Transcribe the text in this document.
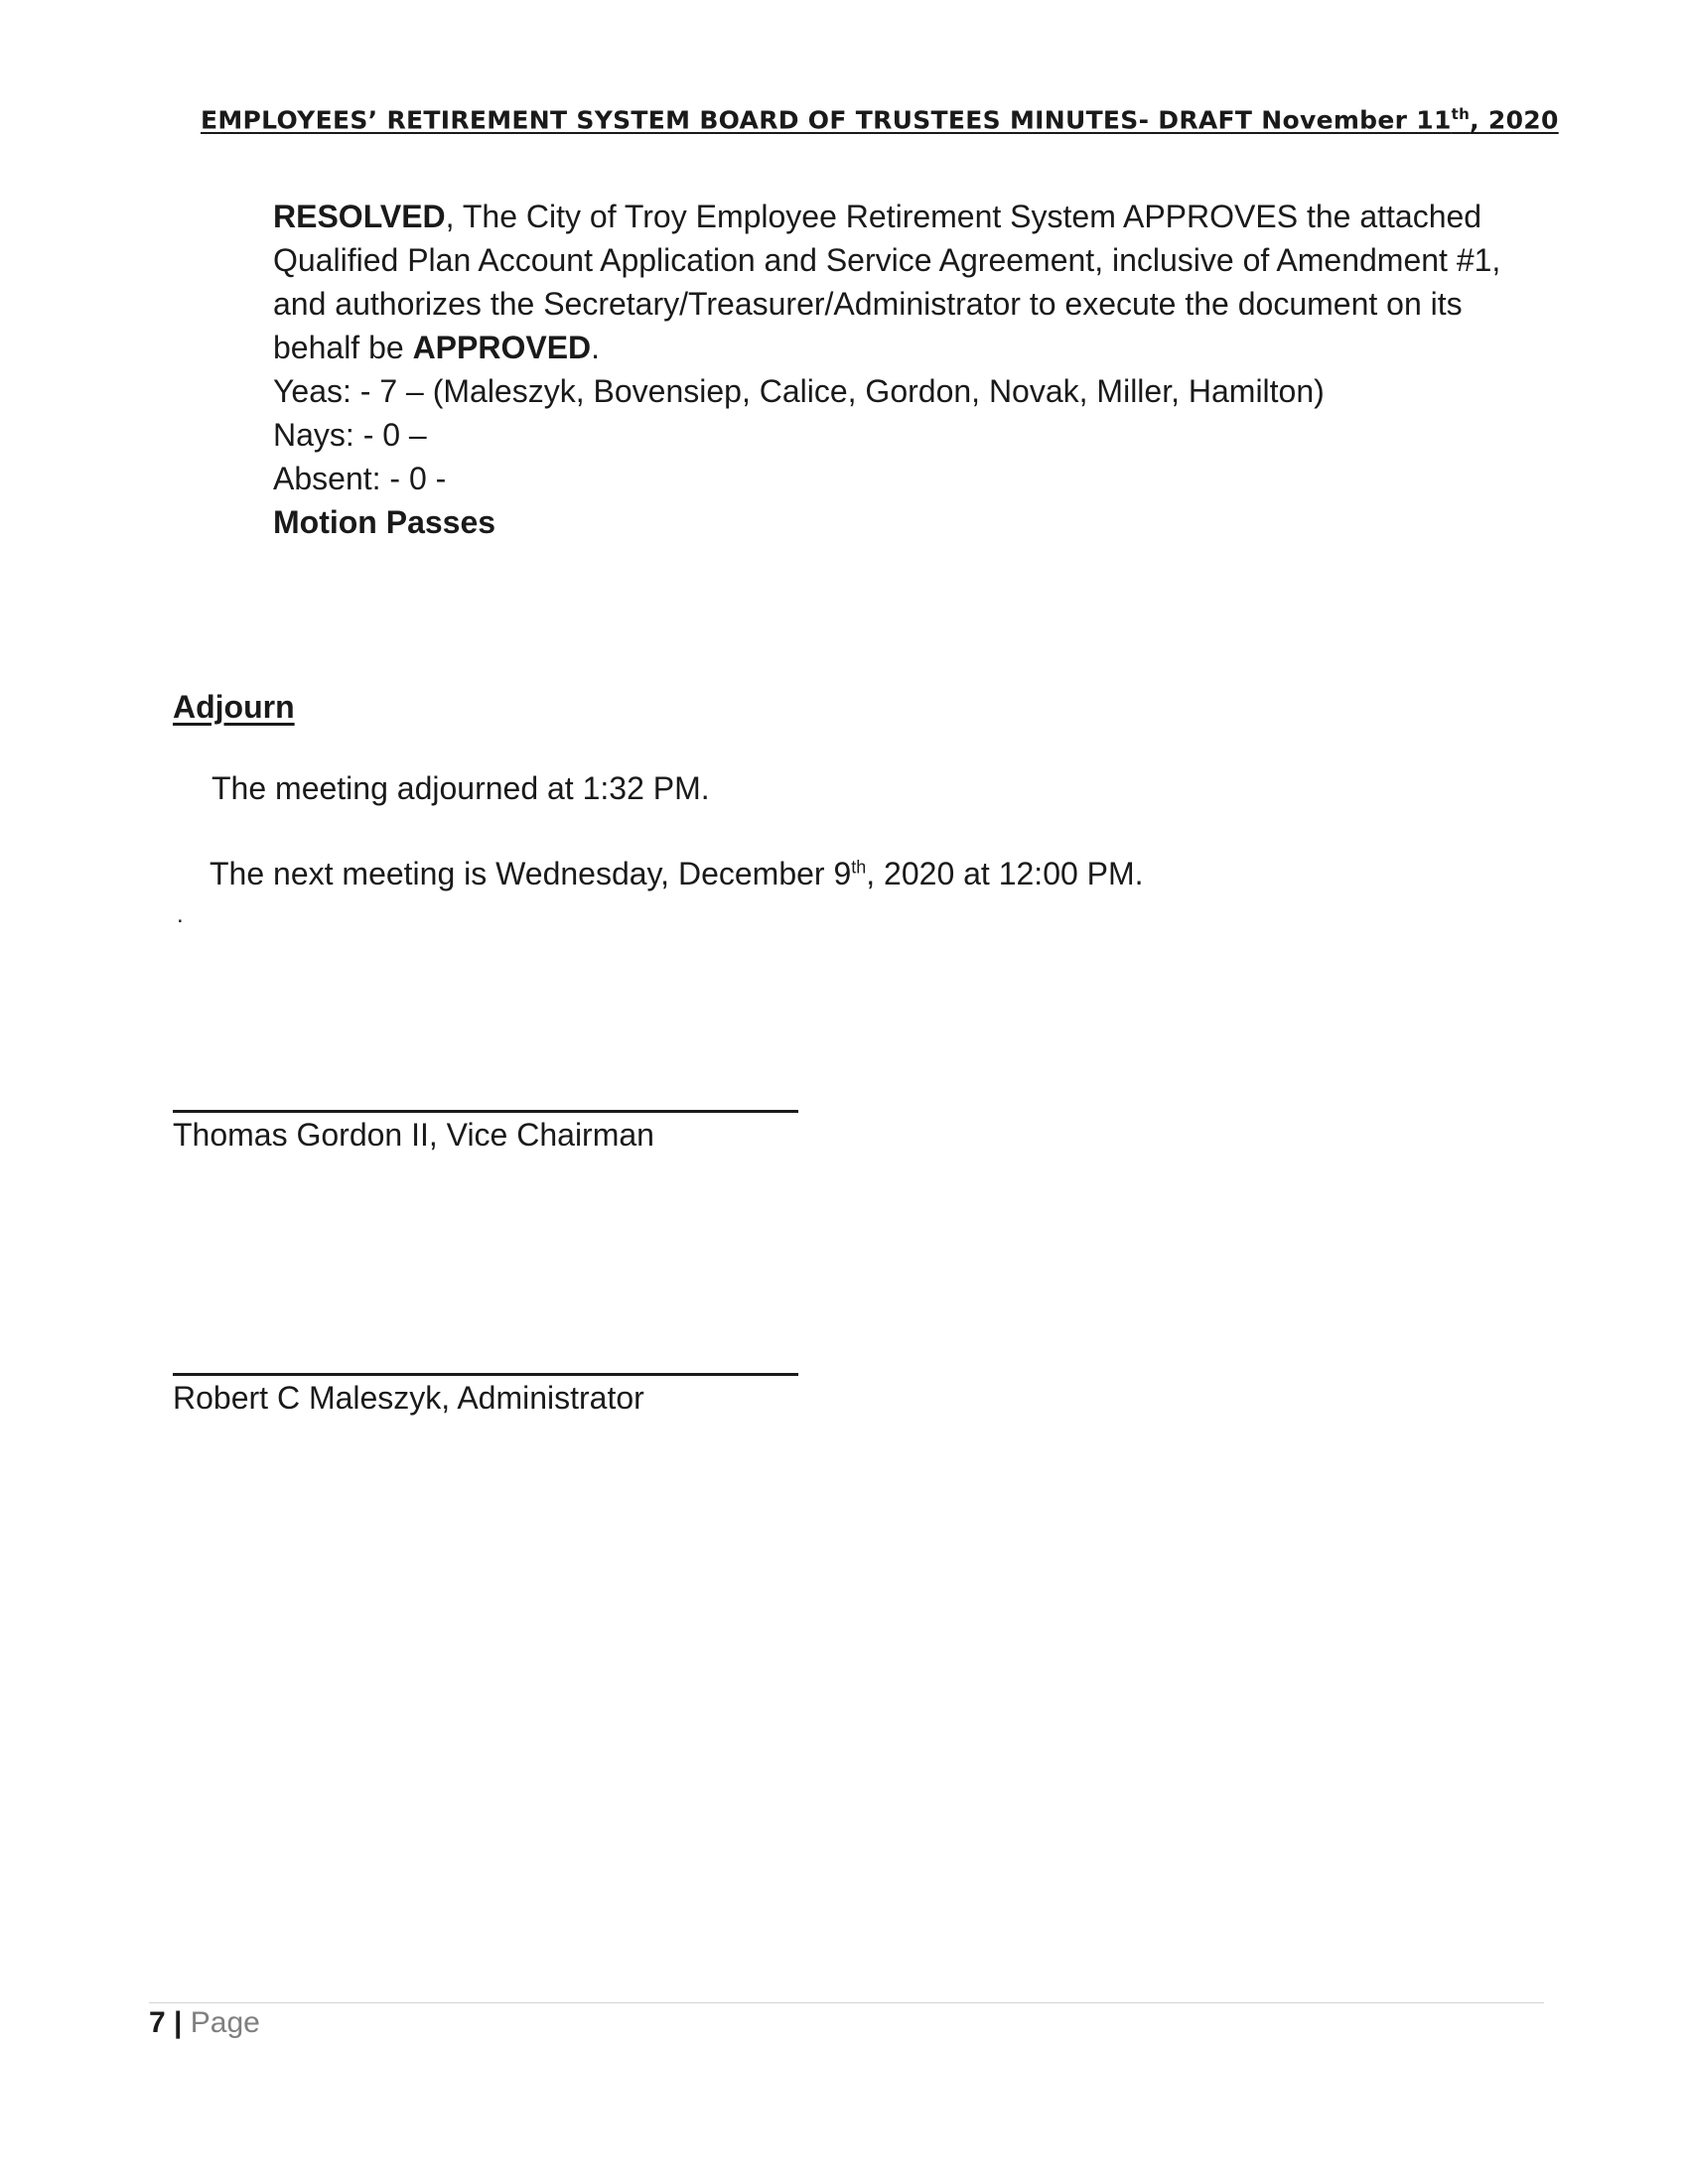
EMPLOYEES’ RETIREMENT SYSTEM BOARD OF TRUSTEES MINUTES- DRAFT November 11th, 2020
RESOLVED, The City of Troy Employee Retirement System APPROVES the attached
Qualified Plan Account Application and Service Agreement, inclusive of Amendment #1,
and authorizes the Secretary/Treasurer/Administrator to execute the document on its
behalf be APPROVED.
Yeas: - 7 – (Maleszyk, Bovensiep, Calice, Gordon, Novak, Miller, Hamilton)
Nays: - 0 –
Absent: - 0 -
Motion Passes
Adjourn
The meeting adjourned at 1:32 PM.
The next meeting is Wednesday, December 9th, 2020 at 12:00 PM.
.
Thomas Gordon II, Vice Chairman
Robert C Maleszyk, Administrator
7 | Page
